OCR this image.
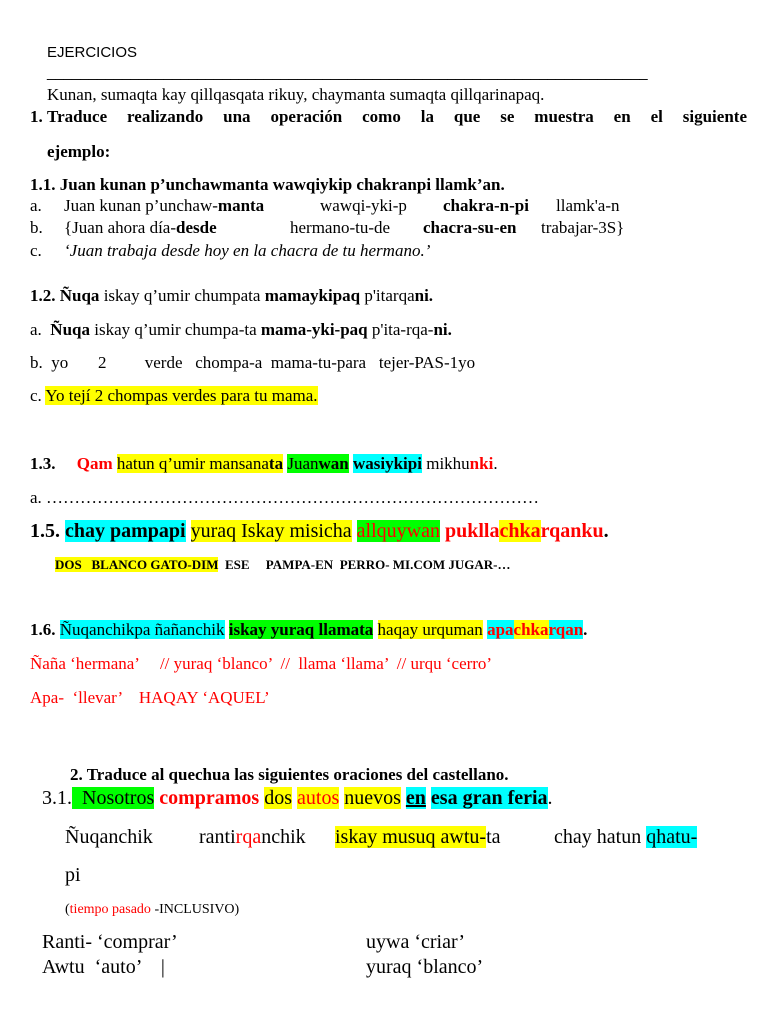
EJERCICIOS
________________________________________________________________________
Kunan, sumaqta kay qillqasqata rikuy, chaymanta sumaqta qillqarinapaq.
1. Traduce realizando una operación como la que se muestra en el siguiente
ejemplo:
1.1. Juan kunan p’unchawmanta wawqiykip chakranpi llamk’an.
a. Juan kunan p’unchaw-manta	wawqi-yki-p chakra-n-pi llamk'a-n
b. {Juan ahora día-desde	hermano-tu-de chacra-su-en trabajar-3S}
c. ‘Juan trabaja desde hoy en la chacra de tu hermano.’
1.2. Ñuqa iskay q’umir chumpata mamaykipaq p'itarqani.
a. Ñuqa iskay q’umir chumpa-ta mama-yki-paq p'ita-rqa-ni.
b.  yo       2         verde   chompa-a  mama-tu-para   tejer-PAS-1yo
c. Yo tejí 2 chompas verdes para tu mama.
1.3. Qam hatun q’umir mansanata Juanwan wasiykipi mikhunki.
a. ……………………………………………………………………………
1.5. chay pampapi yuraq Iskay misicha allquywan pukllachkarqanku.
DOS   BLANCO GATO-DIM  ESE     PAMPA-EN  PERRO- MI.COM JUGAR-…
1.6. Ñuqanchikpa ñañanchik iskay yuraq llamata haqay urquman apachkarqan.
Ñaña ‘hermana’     // yuraq ‘blanco’  //  llama ‘llama’  // urqu ‘cerro’
Apa-  ‘llevar’    HAQAY ‘AQUEL’
2. Traduce al quechua las siguientes oraciones del castellano.
3.1.  Nosotros compramos dos autos nuevos en esa gran feria.
Ñuqanchik rantirqanchik iskay musuq awtu-ta	chay hatun qhatu-
pi
(tiempo pasado -INCLUSIVO)
Ranti- ‘comprar’	uywa ‘criar’
Awtu  ‘auto’    |	yuraq ‘blanco’
